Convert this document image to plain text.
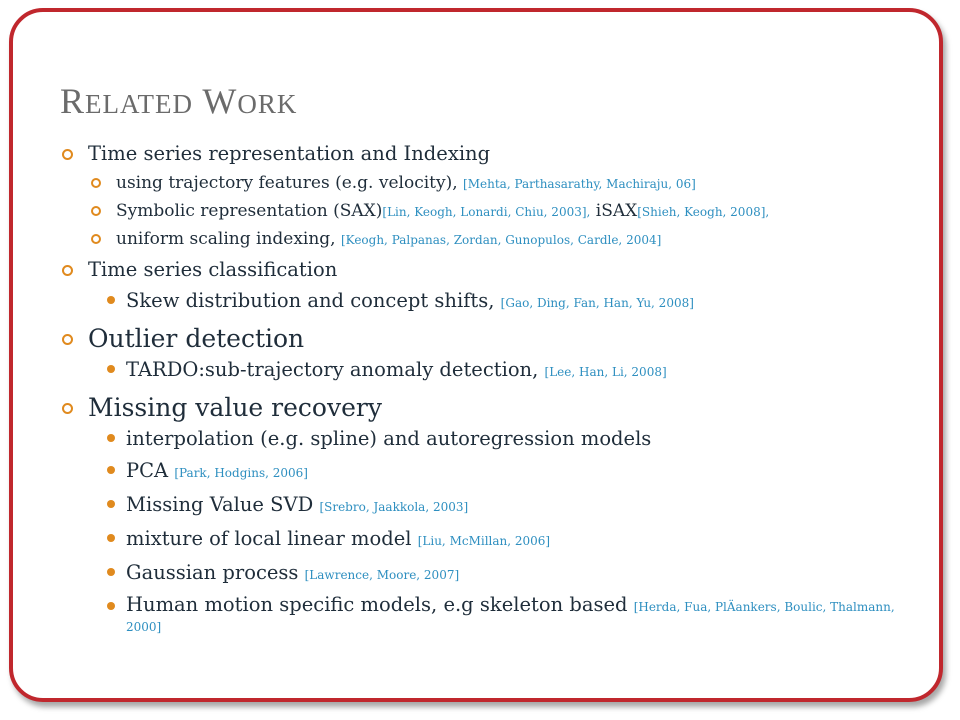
RELATED WORK
Time series representation and Indexing
using trajectory features (e.g. velocity), [Mehta, Parthasarathy, Machiraju, 06]
Symbolic representation (SAX)[Lin, Keogh, Lonardi, Chiu, 2003], iSAX[Shieh, Keogh, 2008],
uniform scaling indexing, [Keogh, Palpanas, Zordan, Gunopulos, Cardle, 2004]
Time series classification
Skew distribution and concept shifts, [Gao, Ding, Fan, Han, Yu, 2008]
Outlier detection
TARDO:sub-trajectory anomaly detection, [Lee, Han, Li, 2008]
Missing value recovery
interpolation (e.g. spline) and autoregression models
PCA [Park, Hodgins, 2006]
Missing Value SVD [Srebro, Jaakkola, 2003]
mixture of local linear model [Liu, McMillan, 2006]
Gaussian process [Lawrence, Moore, 2007]
Human motion specific models, e.g skeleton based [Herda, Fua, PlÄankers, Boulic, Thalmann, 2000]
